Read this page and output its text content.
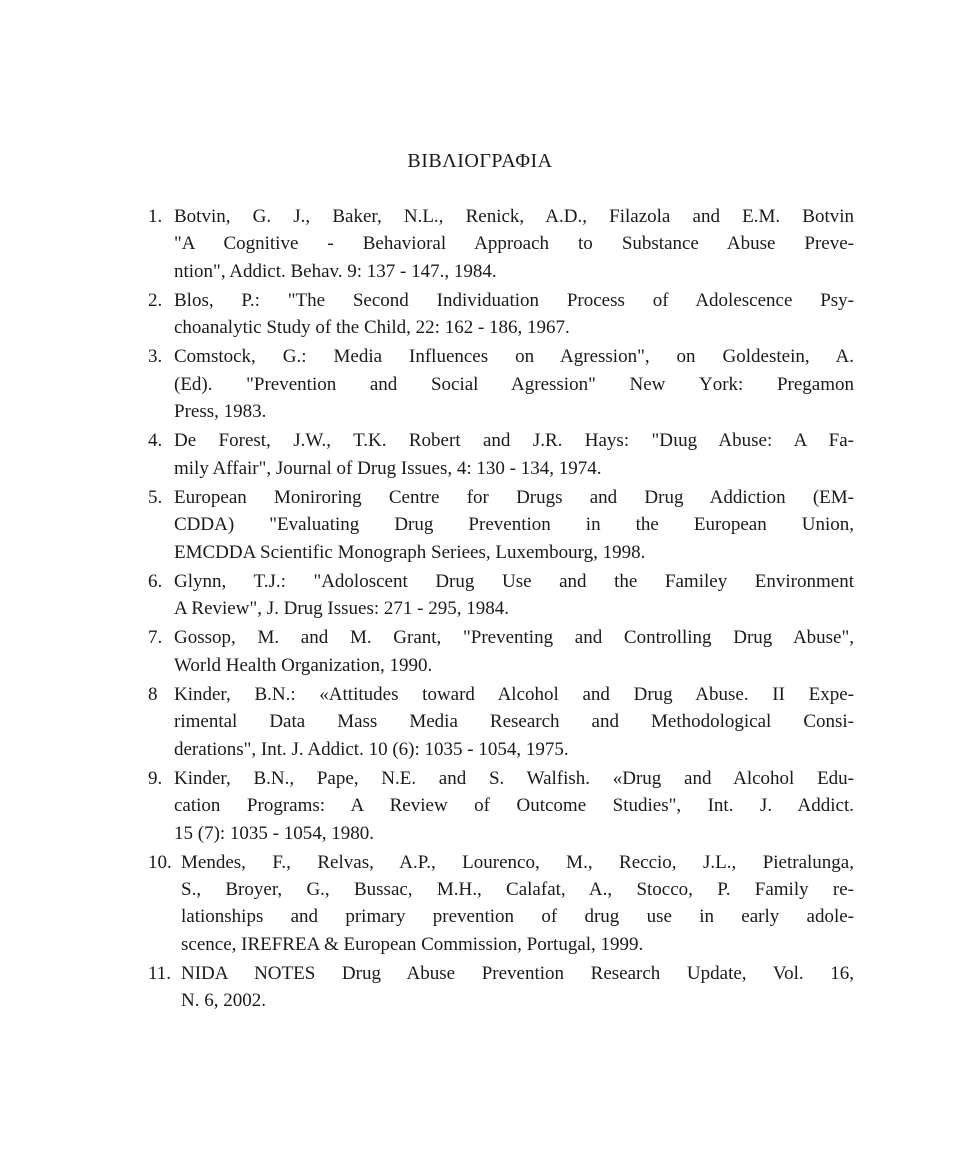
ΒΙΒΛΙΟΓΡΑΦΙΑ
1. Botvin, G. J., Baker, N.L., Renick, A.D., Filazola and E.M. Botvin
"A Cognitive - Behavioral Approach to Substance Abuse Preve-
ntion", Addict. Behav. 9: 137 - 147., 1984.
2. Blos, P.: "The Second Individuation Process of Adolescence Psy-
choanalytic Study of the Child, 22: 162 - 186, 1967.
3. Comstock, G.: Media Influences on Agression", on Goldestein, A.
(Ed). "Prevention and Social Agression" New Υork: Pregamon
Press, 1983.
4. De Forest, J.W., T.K. Robert and J.R. Hays: "Dιug Abuse: A Fa-
mily Affair", Journal of Drug Issues, 4: 130 - 134, 1974.
5. European Moniroring Centre for Drugs and Drug Addiction (EM-
CDDA) "Evaluating Drug Prevention in the European Union,
EMCDDA Scientific Monograph Seriees, Luxembourg, 1998.
6. Glynn, T.J.: "Adoloscent Drug Use and the Familey Environment
A Review", J. Drug Issues: 271 - 295, 1984.
7. Gossop, M. and M. Grant, "Preventing and Controlling Drug Abuse",
World Health Organization, 1990.
8 Kinder, B.N.: «Attitudes toward Alcohol and Drug Abuse. II Expe-
rimental Data Mass Media Research and Methodological Consi-
derations", Int. J. Addict. 10 (6): 1035 - 1054, 1975.
9. Kinder, B.N., Pape, N.E. and S. Walfish. «Drug and Alcohol Edu-
cation Programs: A Review of Outcome Studies", Int. J. Addict.
15 (7): 1035 - 1054, 1980.
10. Mendes, F., Relvas, A.P., Lourenco, M., Reccio, J.L., Pietralunga,
S., Broyer, G., Bussac, M.H., Calafat, A., Stocco, P. Family re-
lationships and primary prevention of drug use in early adole-
scence, IREFREA & European Commission, Portugal, 1999.
11. NIDA NOTES Drug Abuse Prevention Research Update, Vol. 16,
N. 6, 2002.
